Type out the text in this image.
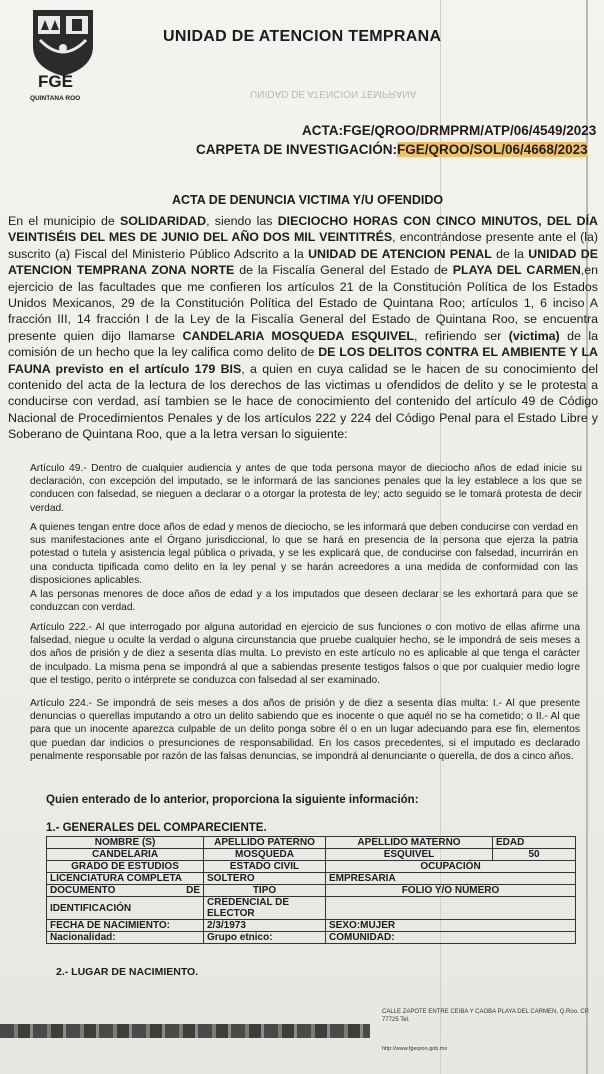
FGE
QUINTANA ROO
UNIDAD DE ATENCION TEMPRANA
UNIDAD DE ATENCION TEMPRANA
ACTA:FGE/QROO/DRMPRM/ATP/06/4549/2023
CARPETA DE INVESTIGACIÓN:FGE/QROO/SOL/06/4668/2023
ACTA DE DENUNCIA VICTIMA Y/U OFENDIDO
En el municipio de SOLIDARIDAD, siendo las DIECIOCHO HORAS CON CINCO MINUTOS, DEL DÍA VEINTISÉIS DEL MES DE JUNIO DEL AÑO DOS MIL VEINTITRÉS, encontrándose presente ante el (la) suscrito (a) Fiscal del Ministerio Público Adscrito a la UNIDAD DE ATENCION PENAL de la UNIDAD DE ATENCION TEMPRANA ZONA NORTE de la Fiscalía General del Estado de PLAYA DEL CARMEN,en ejercicio de las facultades que me confieren los artículos 21 de la Constitución Política de los Estados Unidos Mexicanos, 29 de la Constitución Política del Estado de Quintana Roo; artículos 1, 6 inciso A fracción III, 14 fracción I de la Ley de la Fiscalía General del Estado de Quintana Roo, se encuentra presente quien dijo llamarse CANDELARIA MOSQUEDA ESQUIVEL, refiriendo ser (victima) de la comisión de un hecho que la ley califica como delito de DE LOS DELITOS CONTRA EL AMBIENTE Y LA FAUNA previsto en el artículo 179 BIS, a quien en cuya calidad se le hacen de su conocimiento del contenido del acta de la lectura de los derechos de las victimas u ofendidos de delito y se le protesta a conducirse con verdad, así tambien se le hace de conocimiento del contenido del artículo 49 de Código Nacional de Procedimientos Penales y de los artículos 222 y 224 del Código Penal para el Estado Libre y Soberano de Quintana Roo, que a la letra versan lo siguiente:
Artículo 49.- Dentro de cualquier audiencia y antes de que toda persona mayor de dieciocho años de edad inicie su declaración, con excepción del imputado, se le informará de las sanciones penales que la ley establece a los que se conducen con falsedad, se nieguen a declarar o a otorgar la protesta de ley; acto seguido se le tomará protesta de decir verdad.
A quienes tengan entre doce años de edad y menos de dieciocho, se les informará que deben conducirse con verdad en sus manifestaciones ante el Órgano jurisdiccional, lo que se hará en presencia de la persona que ejerza la patria potestad o tutela y asistencia legal pública o privada, y se les explicará que, de conducirse con falsedad, incurrirán en una conducta tipificada como delito en la ley penal y se harán acreedores a una medida de conformidad con las disposiciones aplicables.
A las personas menores de doce años de edad y a los imputados que deseen declarar se les exhortará para que se conduzcan con verdad.
Artículo 222.- Al que interrogado por alguna autoridad en ejercicio de sus funciones o con motivo de ellas afirme una falsedad, niegue u oculte la verdad o alguna circunstancia que pruebe cualquier hecho, se le impondrá de seis meses a dos años de prisión y de diez a sesenta días multa. Lo previsto en este artículo no es aplicable al que tenga el carácter de inculpado. La misma pena se impondrá al que a sabiendas presente testigos falsos o que por cualquier medio logre que el testigo, perito o intérprete se conduzca con falsedad al ser examinado.
Artículo 224.- Se impondrá de seis meses a dos años de prisión y de diez a sesenta días multa: I.- Al que presente denuncias o querellas imputando a otro un delito sabiendo que es inocente o que aquél no se ha cometido; o II.- Al que para que un inocente aparezca culpable de un delito ponga sobre él o en un lugar adecuando para ese fin, elementos que puedan dar indicios o presunciones de responsabilidad. En los casos precedentes, si el imputado es declarado penalmente responsable por razón de las falsas denuncias, se impondrá al denunciante o querella, de dos a cinco años.
Quien enterado de lo anterior, proporciona la siguiente información:
1.- GENERALES DEL COMPARECIENTE.
NOMBRE (S)	APELLIDO PATERNO	APELLIDO MATERNO	EDAD
CANDELARIA	MOSQUEDA	ESQUIVEL	50
GRADO DE ESTUDIOS	ESTADO CIVIL	OCUPACIÓN	
LICENCIATURA COMPLETA	SOLTERO	EMPRESARIA	
DOCUMENTO DE	TIPO	FOLIO Y/O NÚMERO	
IDENTIFICACIÓN	CREDENCIAL DE ELECTOR		
FECHA DE NACIMIENTO:	2/3/1973	SEXO:MUJER	
Nacionalidad:	Grupo etnico:	COMUNIDAD:	
2.- LUGAR DE NACIMIENTO.
CALLE ZAPOTE ENTRE CEIBA Y CAOBA PLAYA DEL CARMEN, Q.Roo. CP. 77725 Tel.
http://www.fgeqroo.gob.mx
